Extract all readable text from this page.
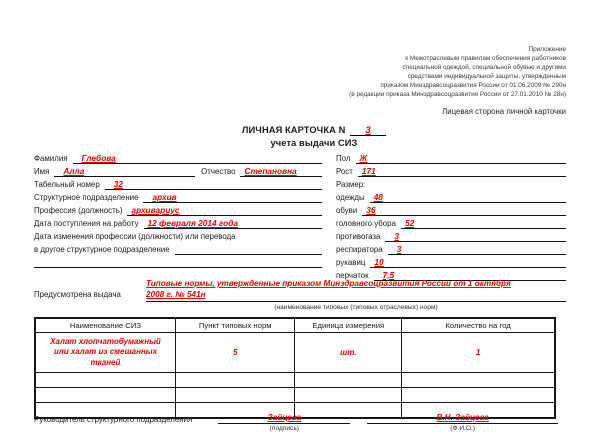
Приложение
к Межотраслевым правилам обеспечения работников
специальной одеждой, специальной обувью и другими
средствами индивидуальной защиты, утвержденным
приказом Минздравсоцразвития России от 01.06.2009 № 290н
(в редакции приказа Минздравсоцразвития России от 27.01.2010 № 28н)
Лицевая сторона личной карточки
ЛИЧНАЯ КАРТОЧКА N 3
учета выдачи СИЗ
Фамилия	Глебова
Имя	Алла	Отчество	Степановна
Табельный номер	32
Структурное подразделение	архив
Профессия (должность)	архивариус
Дата поступления на работу	12 февраля 2014 года
Дата изменения профессии (должности) или перевода
в другое структурное подразделение
Пол	Ж
Рост	171
Размер:
одежды	48
обуви	36
головного убора	52
противогаза	3
респиратора	3
рукавиц	10
перчаток	7,5
Предусмотрена выдача
Типовые нормы, утвержденные приказом Минздравсоцразвития России от 1 октября
2008 г. № 541н
(наименование типовых (типовых отраслевых) норм)
Наименование СИЗ	Пункт типовых норм	Единица измерения	Количество на год
Халат хлопчатобумажный или халат из смешанных тканей	5	шт.	1

Руководитель структурного подразделения	Зайцева
(подпись)
В.Н. Зайцева
(Ф.И.О.)
